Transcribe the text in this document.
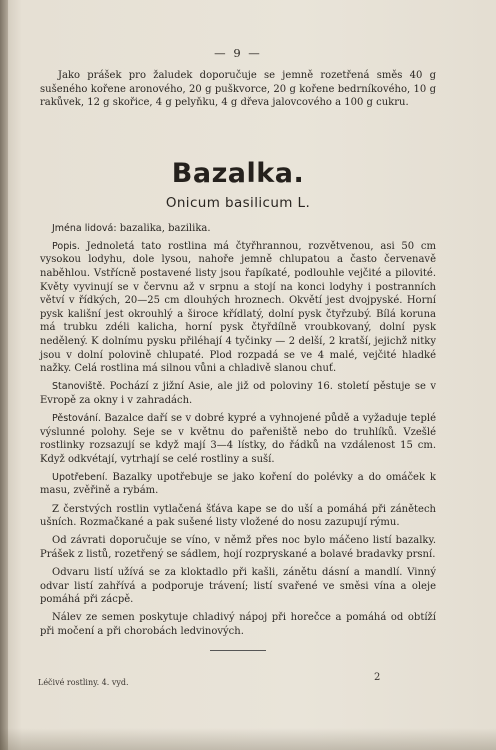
— 9 —

Jako prášek pro žaludek doporučuje se jemně rozetřená směs 40 g sušeného kořene aronového, 20 g puškvorce, 20 g kořene bedrníkového, 10 g rakůvek, 12 g skořice, 4 g pelyňku, 4 g dřeva jalovcového a 100 g cukru.

Bazalka.
Onicum basilicum L.

Jména lidová: bazalika, bazilika.

Popis. Jednoletá tato rostlina má čtyřhrannou, rozvětvenou, asi 50 cm vysokou lodyhu, dole lysou, nahoře jemně chlupatou a často červenavě naběhlou. Vstřícně postavené listy jsou řapíkaté, podlouhle vejčité a pilovité. Květy vyvinují se v červnu až v srpnu a stojí na konci lodyhy i postranních větví v řídkých, 20—25 cm dlouhých hroznech. Okvětí jest dvojpyské. Horní pysk kališní jest okrouhlý a široce křídlatý, dolní pysk čtyřzubý. Bílá koruna má trubku zdéli kalicha, horní pysk čtyřdílně vroubkovaný, dolní pysk nedělený. K dolnímu pysku přiléhají 4 tyčinky — 2 delší, 2 kratší, jejichž nitky jsou v dolní polovině chlupaté. Plod rozpadá se ve 4 malé, vejčité hladké nažky. Celá rostlina má silnou vůni a chladivě slanou chuť.

Stanoviště. Pochází z jižní Asie, ale již od poloviny 16. století pěstuje se v Evropě za okny i v zahradách.

Pěstování. Bazalce daří se v dobré kypré a vyhnojené půdě a vyžaduje teplé výslunné polohy. Seje se v květnu do pařeniště nebo do truhlíků. Vzešlé rostlinky rozsazují se když mají 3—4 lístky, do řádků na vzdálenost 15 cm. Když odkvétají, vytrhají se celé rostliny a suší.

Upotřebení. Bazalky upotřebuje se jako koření do polévky a do omáček k masu, zvěřině a rybám.

Z čerstvých rostlin vytlačená šťáva kape se do uší a pomáhá při zánětech ušních. Rozmačkané a pak sušené listy vložené do nosu zazupují rýmu.

Od závrati doporučuje se víno, v němž přes noc bylo máčeno listí bazalky. Prášek z listů, rozetřený se sádlem, hojí rozpryskané a bolavé bradavky prsní.

Odvaru listí užívá se za kloktadlo při kašli, zánětu dásní a mandlí. Vinný odvar listí zahřívá a podporuje trávení; listí svařené ve směsi vína a oleje pomáhá při zácpě.

Nálev ze semen poskytuje chladivý nápoj při horečce a pomáhá od obtíží při močení a při chorobách ledvinových.

Léčivé rostliny. 4. vyd.	2
